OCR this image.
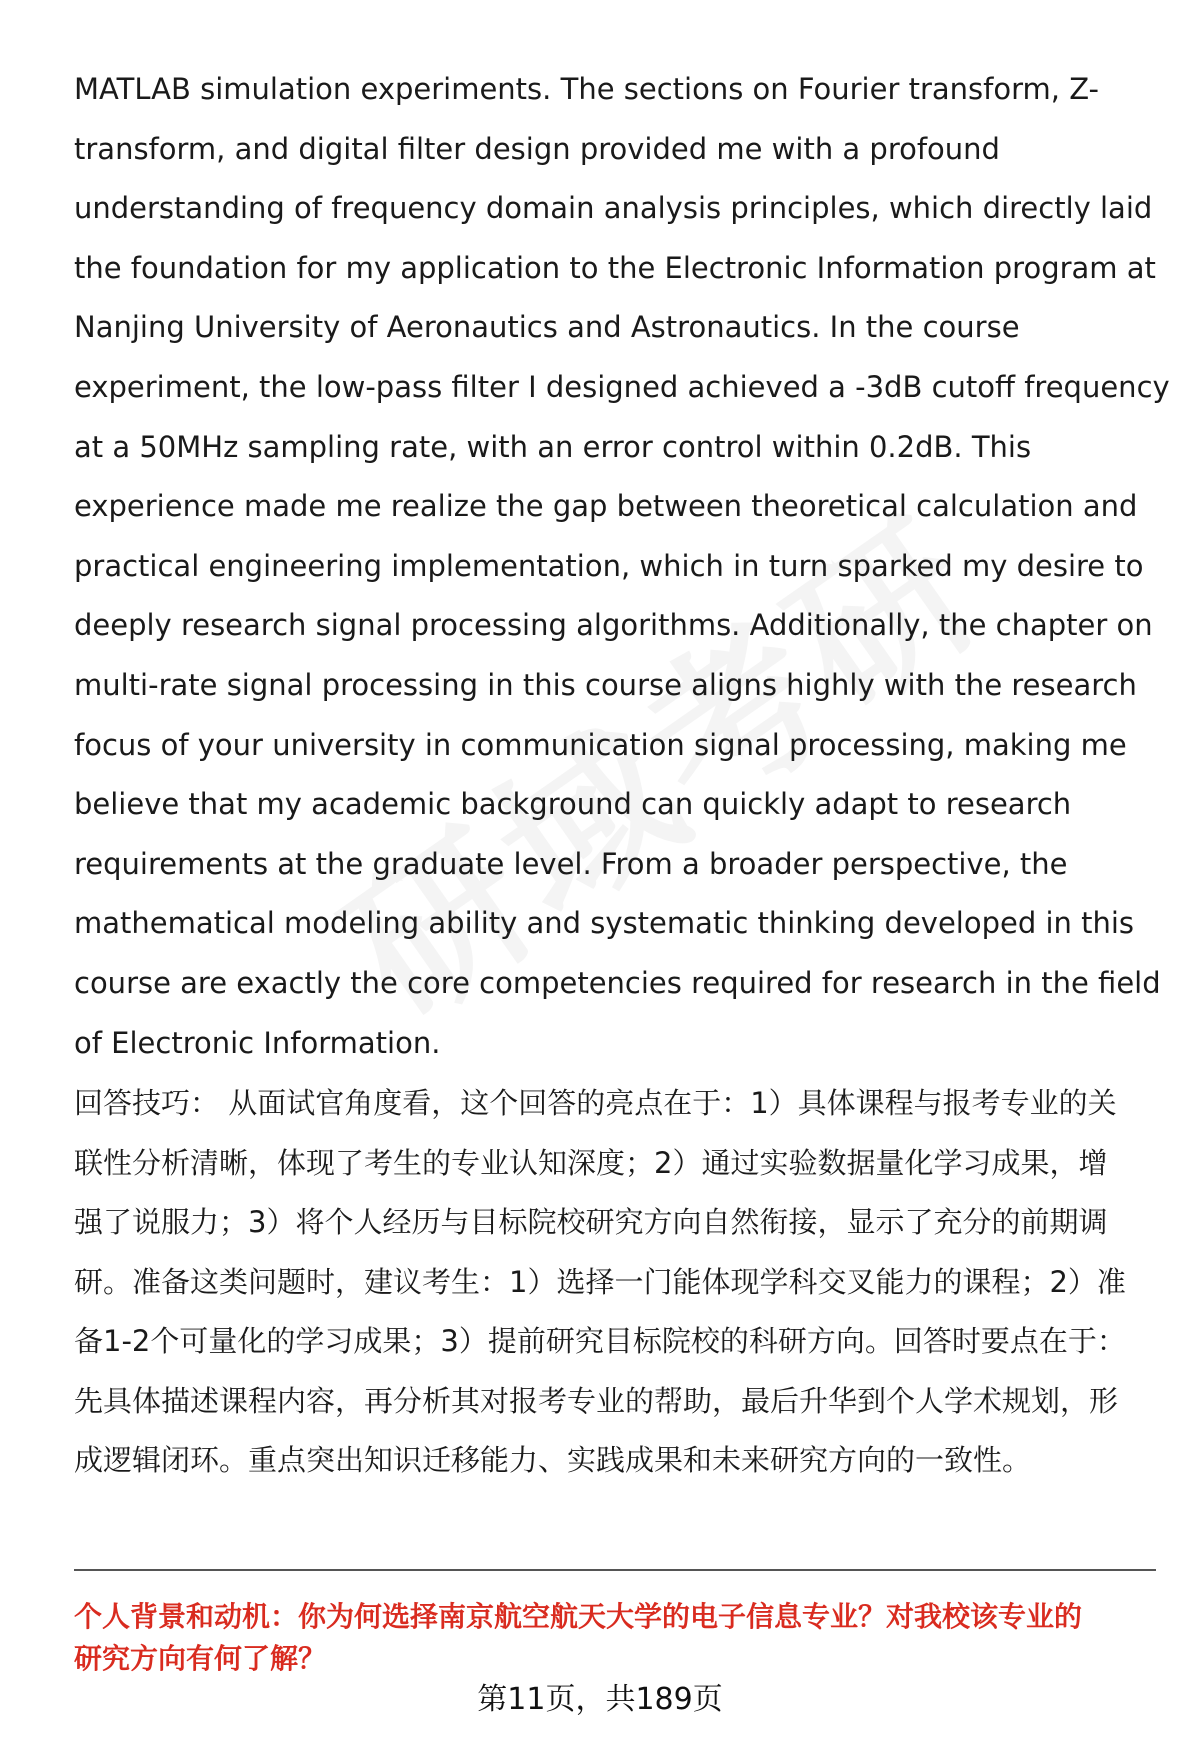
MATLAB simulation experiments. The sections on Fourier transform, Z-
transform, and digital filter design provided me with a profound
understanding of frequency domain analysis principles, which directly laid
the foundation for my application to the Electronic Information program at
Nanjing University of Aeronautics and Astronautics. In the course
experiment, the low-pass filter I designed achieved a -3dB cutoff frequency
at a 50MHz sampling rate, with an error control within 0.2dB. This
experience made me realize the gap between theoretical calculation and
practical engineering implementation, which in turn sparked my desire to
deeply research signal processing algorithms. Additionally, the chapter on
multi-rate signal processing in this course aligns highly with the research
focus of your university in communication signal processing, making me
believe that my academic background can quickly adapt to research
requirements at the graduate level. From a broader perspective, the
mathematical modeling ability and systematic thinking developed in this
course are exactly the core competencies required for research in the field
of Electronic Information.
回答技巧： 从面试官角度看，这个回答的亮点在于：1）具体课程与报考专业的关
联性分析清晰，体现了考生的专业认知深度；2）通过实验数据量化学习成果，增
强了说服力；3）将个人经历与目标院校研究方向自然衔接，显示了充分的前期调
研。准备这类问题时，建议考生：1）选择一门能体现学科交叉能力的课程；2）准
备1-2个可量化的学习成果；3）提前研究目标院校的科研方向。回答时要点在于：
先具体描述课程内容，再分析其对报考专业的帮助，最后升华到个人学术规划，形
成逻辑闭环。重点突出知识迁移能力、实践成果和未来研究方向的一致性。
个人背景和动机：你为何选择南京航空航天大学的电子信息专业？对我校该专业的
研究方向有何了解？
第11页，共189页
